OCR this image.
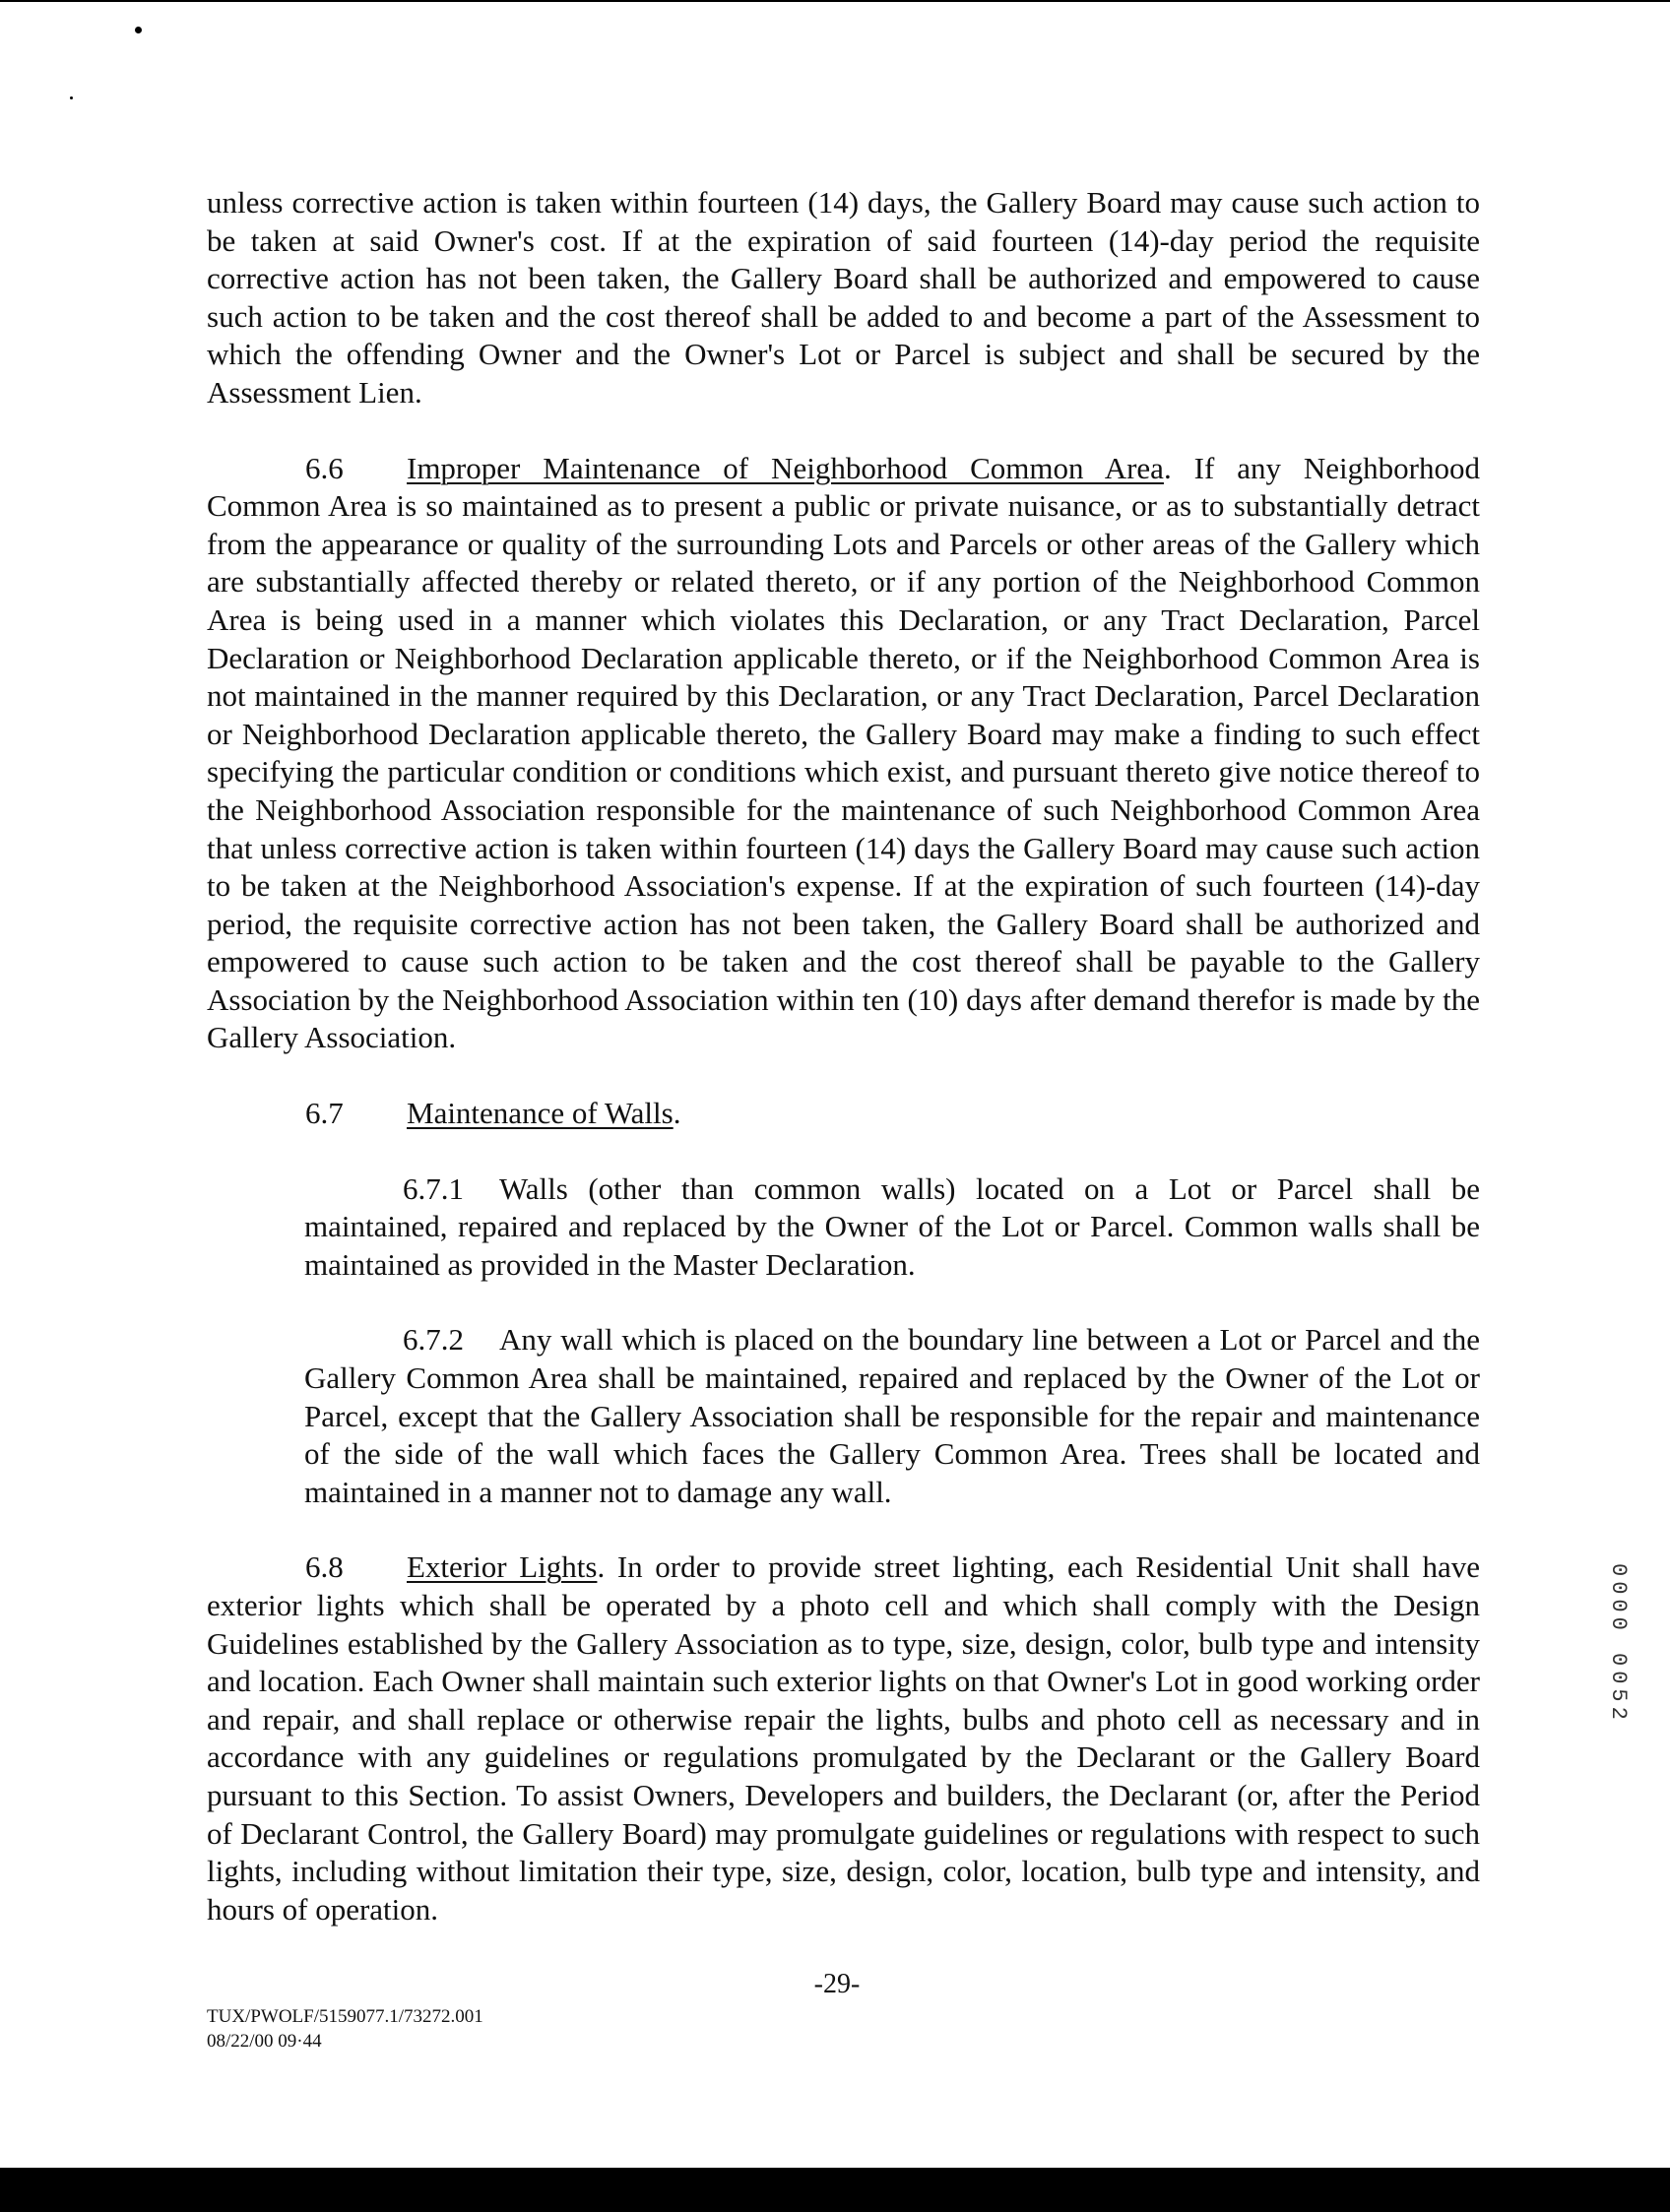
unless corrective action is taken within fourteen (14) days, the Gallery Board may cause such action to be taken at said Owner's cost. If at the expiration of said fourteen (14)-day period the requisite corrective action has not been taken, the Gallery Board shall be authorized and empowered to cause such action to be taken and the cost thereof shall be added to and become a part of the Assessment to which the offending Owner and the Owner's Lot or Parcel is subject and shall be secured by the Assessment Lien.

6.6 Improper Maintenance of Neighborhood Common Area. If any Neighborhood Common Area is so maintained as to present a public or private nuisance, or as to substantially detract from the appearance or quality of the surrounding Lots and Parcels or other areas of the Gallery which are substantially affected thereby or related thereto, or if any portion of the Neighborhood Common Area is being used in a manner which violates this Declaration, or any Tract Declaration, Parcel Declaration or Neighborhood Declaration applicable thereto, or if the Neighborhood Common Area is not maintained in the manner required by this Declaration, or any Tract Declaration, Parcel Declaration or Neighborhood Declaration applicable thereto, the Gallery Board may make a finding to such effect specifying the particular condition or conditions which exist, and pursuant thereto give notice thereof to the Neighborhood Association responsible for the maintenance of such Neighborhood Common Area that unless corrective action is taken within fourteen (14) days the Gallery Board may cause such action to be taken at the Neighborhood Association's expense. If at the expiration of such fourteen (14)-day period, the requisite corrective action has not been taken, the Gallery Board shall be authorized and empowered to cause such action to be taken and the cost thereof shall be payable to the Gallery Association by the Neighborhood Association within ten (10) days after demand therefor is made by the Gallery Association.

6.7 Maintenance of Walls.

6.7.1 Walls (other than common walls) located on a Lot or Parcel shall be maintained, repaired and replaced by the Owner of the Lot or Parcel. Common walls shall be maintained as provided in the Master Declaration.

6.7.2 Any wall which is placed on the boundary line between a Lot or Parcel and the Gallery Common Area shall be maintained, repaired and replaced by the Owner of the Lot or Parcel, except that the Gallery Association shall be responsible for the repair and maintenance of the side of the wall which faces the Gallery Common Area. Trees shall be located and maintained in a manner not to damage any wall.

6.8 Exterior Lights. In order to provide street lighting, each Residential Unit shall have exterior lights which shall be operated by a photo cell and which shall comply with the Design Guidelines established by the Gallery Association as to type, size, design, color, bulb type and intensity and location. Each Owner shall maintain such exterior lights on that Owner's Lot in good working order and repair, and shall replace or otherwise repair the lights, bulbs and photo cell as necessary and in accordance with any guidelines or regulations promulgated by the Declarant or the Gallery Board pursuant to this Section. To assist Owners, Developers and builders, the Declarant (or, after the Period of Declarant Control, the Gallery Board) may promulgate guidelines or regulations with respect to such lights, including without limitation their type, size, design, color, location, bulb type and intensity, and hours of operation.

-29-
TUX/PWOLF/5159077.1/73272.001
08/22/00 09·44
0000 0052
